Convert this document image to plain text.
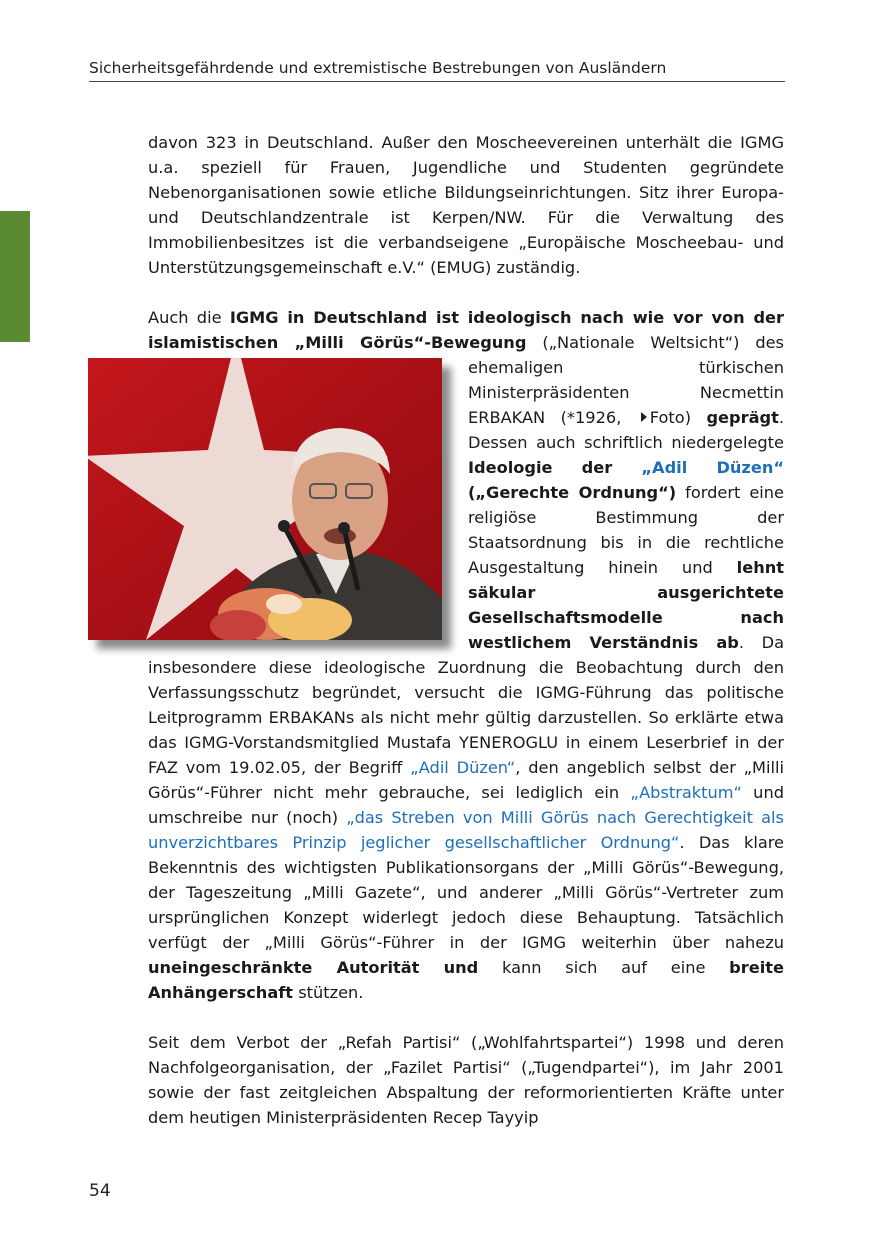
Sicherheitsgefährdende und extremistische Bestrebungen von Ausländern

davon 323 in Deutschland. Außer den Moscheevereinen unterhält die IGMG u.a. speziell für Frauen, Jugendliche und Studenten gegründete Nebenorganisationen sowie etliche Bildungseinrichtungen. Sitz ihrer Europa- und Deutschlandzentrale ist Kerpen/NW. Für die Verwaltung des Immobilienbesitzes ist die verbandseigene „Europäische Moscheebau- und Unterstützungsgemeinschaft e.V.“ (EMUG) zuständig.

Auch die IGMG in Deutschland ist ideologisch nach wie vor von der islamistischen „Milli Görüs“-Bewegung
(„Nationale Weltsicht“) des ehemaligen türkischen Ministerpräsidenten Necmettin ERBAKAN (*1926, Foto) geprägt. Dessen auch schriftlich niedergelegte Ideologie der „Adil Düzen“ („Gerechte Ordnung“) fordert eine religiöse Bestimmung der Staatsordnung bis in die rechtliche Ausgestaltung hinein und lehnt säkular ausgerichtete Gesellschaftsmodelle nach westlichem Verständnis ab. Da insbesondere diese ideologische Zuordnung die Beobachtung durch den Verfassungsschutz begründet, versucht die IGMG-Führung das politische Leitprogramm ERBAKANs als nicht mehr gültig darzustellen. So erklärte etwa das IGMG-Vorstandsmitglied Mustafa YENEROGLU in einem Leserbrief in der FAZ vom 19.02.05, der Begriff „Adil Düzen“, den angeblich selbst der „Milli Görüs“-Führer nicht mehr gebrauche, sei lediglich ein „Abstraktum“ und umschreibe nur (noch) „das Streben von Milli Görüs nach Gerechtigkeit als unverzichtbares Prinzip jeglicher gesellschaftlicher Ordnung“. Das klare Bekenntnis des wichtigsten Publikationsorgans der „Milli Görüs“-Bewegung, der Tageszeitung „Milli Gazete“, und anderer „Milli Görüs“-Vertreter zum ursprünglichen Konzept widerlegt jedoch diese Behauptung. Tatsächlich verfügt der „Milli Görüs“-Führer in der IGMG weiterhin über nahezu uneingeschränkte Autorität und kann sich auf eine breite Anhängerschaft stützen.

Seit dem Verbot der „Refah Partisi“ („Wohlfahrtspartei“) 1998 und deren Nachfolgeorganisation, der „Fazilet Partisi“ („Tugendpartei“), im Jahr 2001 sowie der fast zeitgleichen Abspaltung der reformorientierten Kräfte unter dem heutigen Ministerpräsidenten Recep Tayyip

54
